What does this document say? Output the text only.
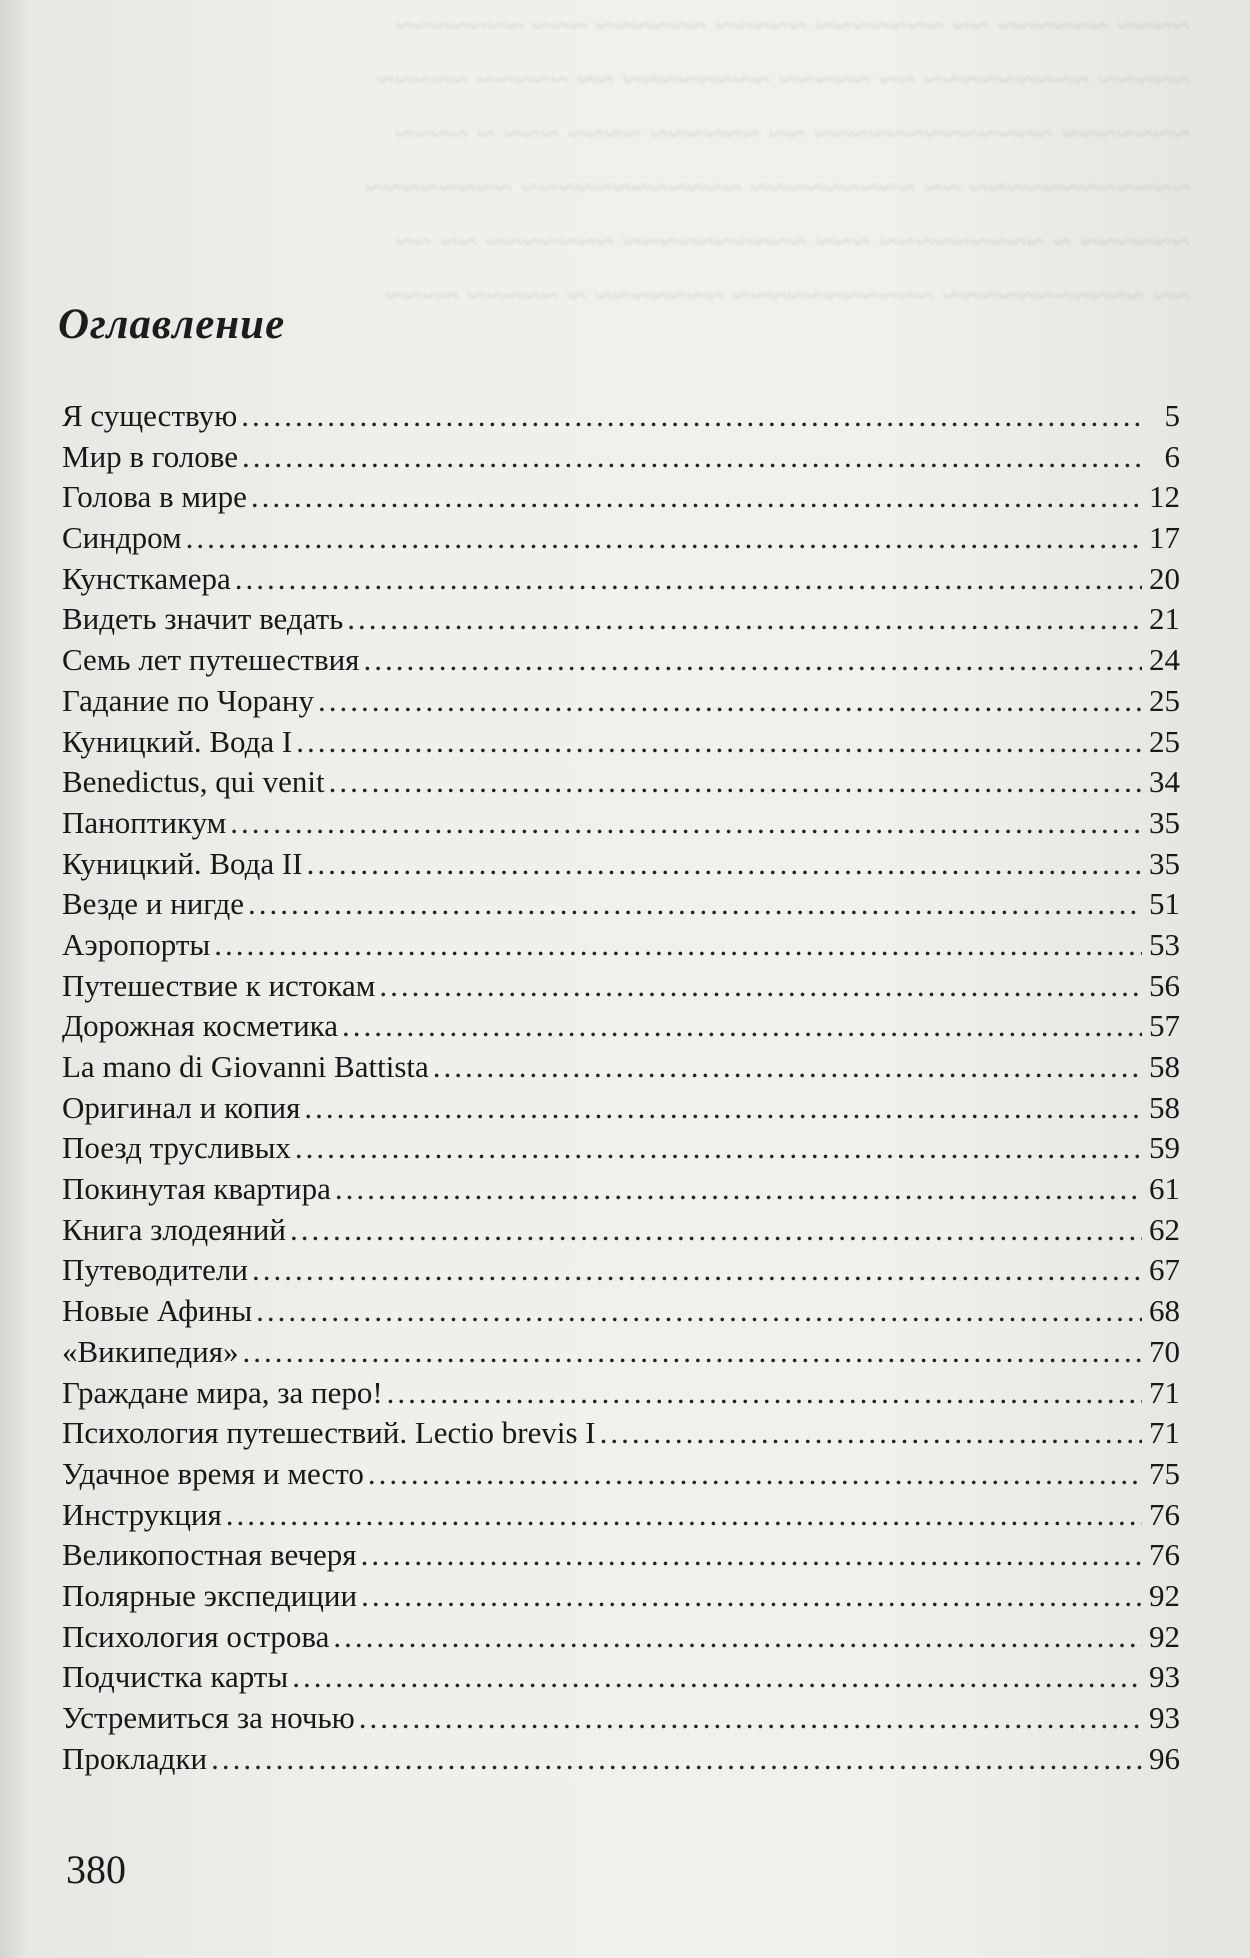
~~~~ ~~~~~~ ~~ ~~~~~~~ ~~~~~ ~~~~~~ ~~~ ~~~~~~~
~~~~~ ~~~~~~~~~ ~~ ~~~~~ ~~~~~~~~ ~~ ~~~~~ ~~~~~
~~~~~~~ ~~~~~~~~~~~~~ ~~ ~~~~~~ ~~~~ ~~~ ~ ~~~~
~~~~~~~~~~~~ ~~ ~~~~~~~~~ ~~~~~~~~~~~~ ~~~~~~~~
~~~~~~ ~ ~~~~~~~~~ ~~~ ~~~~~~~~~~ ~~~~~~~ ~~ ~~
~~ ~~~~~~~~~~~ ~~~~~~~~~~~ ~~~~~~~ ~ ~~~~~ ~~~~
Оглавление
Я существую .....	5
Мир в голове .....	6
Голова в мире .....	12
Синдром .....	17
Кунсткамера .....	20
Видеть значит ведать .....	21
Семь лет путешествия .....	24
Гадание по Чорану .....	25
Куницкий. Вода I .....	25
Benedictus, qui venit .....	34
Паноптикум .....	35
Куницкий. Вода II .....	35
Везде и нигде .....	51
Аэропорты .....	53
Путешествие к истокам .....	56
Дорожная косметика .....	57
La mano di Giovanni Battista .....	58
Оригинал и копия .....	58
Поезд трусливых .....	59
Покинутая квартира .....	61
Книга злодеяний .....	62
Путеводители .....	67
Новые Афины .....	68
«Википедия» .....	70
Граждане мира, за перо! .....	71
Психология путешествий. Lectio brevis I .....	71
Удачное время и место .....	75
Инструкция .....	76
Великопостная вечеря .....	76
Полярные экспедиции .....	92
Психология острова .....	92
Подчистка карты .....	93
Устремиться за ночью .....	93
Прокладки .....	96
380
